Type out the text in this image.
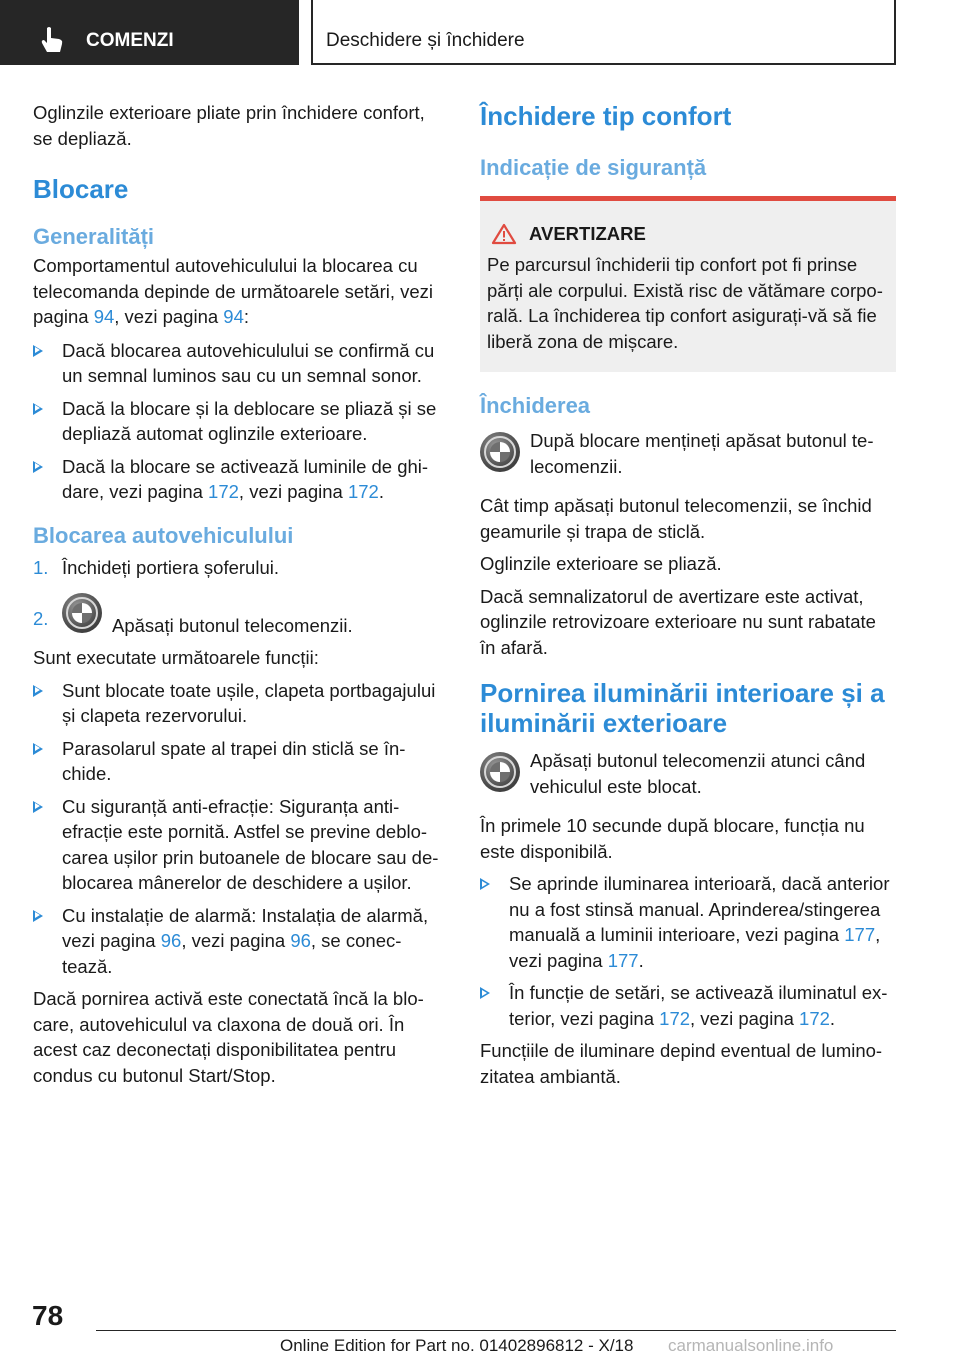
COMENZI	Deschidere și închidere

Oglinzile exterioare pliate prin închidere confort, se depliază.

Blocare
Generalități

Comportamentul autovehiculului la blocarea cu telecomanda depinde de următoarele setări, vezi pagina 94, vezi pagina 94:

Dacă blocarea autovehiculului se confirmă cu un semnal luminos sau cu un semnal sonor.
Dacă la blocare și la deblocare se pliază și se depliază automat oglinzile exterioare.
Dacă la blocare se activează luminile de ghi‐dare, vezi pagina 172, vezi pagina 172.
Blocarea autovehiculului
1. Închideți portiera șoferului.
2.	Apăsați butonul telecomenzii.

Sunt executate următoarele funcții:

Sunt blocate toate ușile, clapeta portbagajului și clapeta rezervorului.
Parasolarul spate al trapei din sticlă se în‐chide.
Cu siguranță anti-efracție: Siguranța anti-efracție este pornită. Astfel se previne deblo‐carea ușilor prin butoanele de blocare sau de‐blocarea mânerelor de deschidere a ușilor.
Cu instalație de alarmă: Instalația de alarmă, vezi pagina 96, vezi pagina 96, se conec‐tează.

Dacă pornirea activă este conectată încă la blo‐care, autovehiculul va claxona de două ori. În acest caz deconectați disponibilitatea pentru condus cu butonul Start/Stop.

Închidere tip confort
Indicație de siguranță
AVERTIZARE

Pe parcursul închiderii tip confort pot fi prinse părți ale corpului. Există risc de vătămare corpo‐rală. La închiderea tip confort asigurați-vă să fie liberă zona de mișcare.

Închiderea
După blocare mențineți apăsat butonul te‐lecomenzii.

Cât timp apăsați butonul telecomenzii, se închid geamurile și trapa de sticlă.

Oglinzile exterioare se pliază.

Dacă semnalizatorul de avertizare este activat, oglinzile retrovizoare exterioare nu sunt rabatate în afară.

Pornirea iluminării interioare și a iluminării exterioare
Apăsați butonul telecomenzii atunci când vehiculul este blocat.

În primele 10 secunde după blocare, funcția nu este disponibilă.

Se aprinde iluminarea interioară, dacă anterior nu a fost stinsă manual. Aprinderea/stingerea manuală a luminii interioare, vezi pagina 177, vezi pagina 177.
În funcție de setări, se activează iluminatul ex‐terior, vezi pagina 172, vezi pagina 172.

Funcțiile de iluminare depind eventual de lumino‐zitatea ambiantă.

78
Online Edition for Part no. 01402896812 - X/18 carmanualsonline.info
